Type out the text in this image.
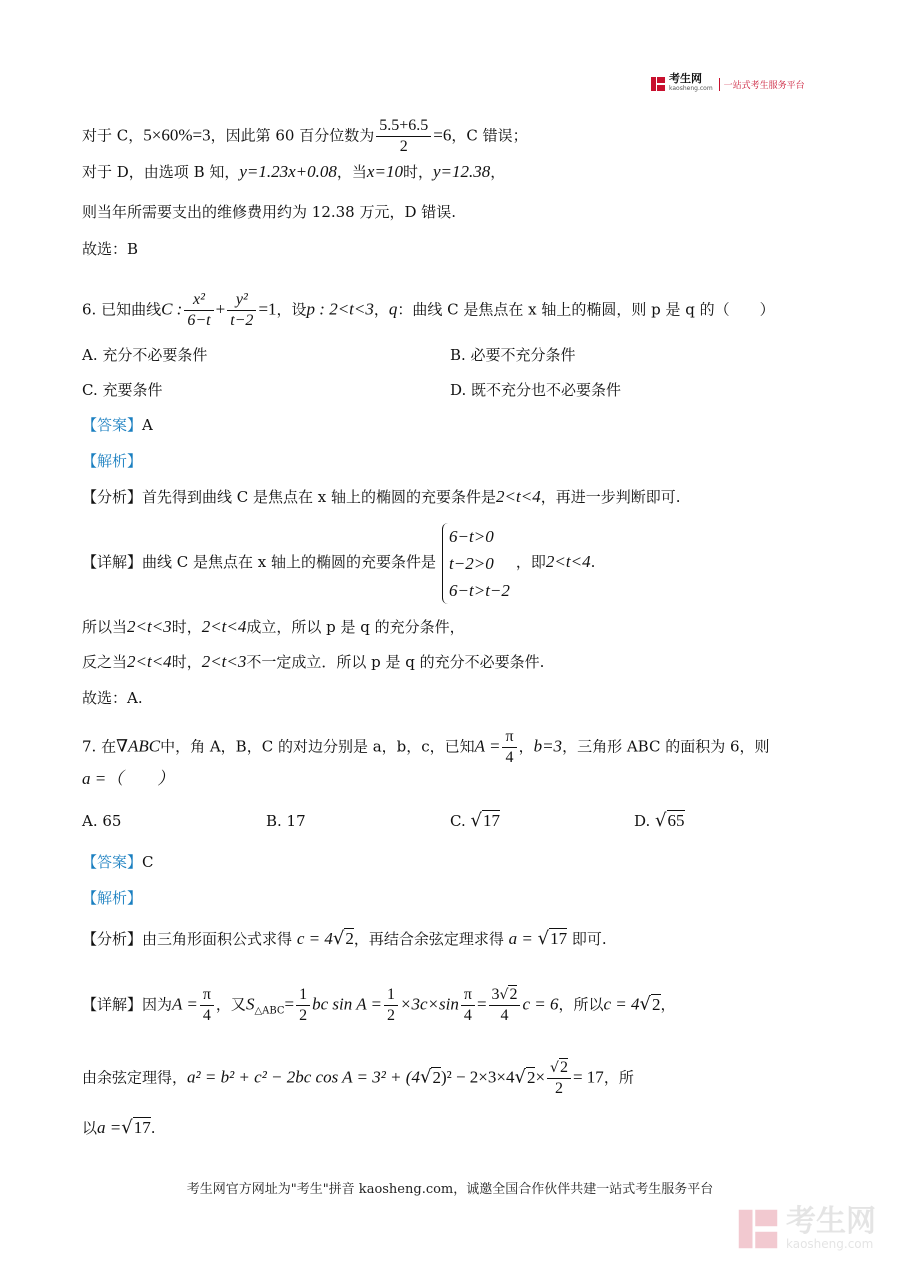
考生网
kaosheng.com	一站式考生服务平台
对于 C，5×60%=3，因此第 60 百分位数为 $\frac{5.5+6.5}{2} =6$，C 错误；
对于 D，由选项 B 知，y=1.23x+0.08，当x=10时，y=12.38，
则当年所需要支出的维修费用约为 12.38 万元，D 错误.
故选：B
6. 已知曲线C : $\frac{\text{x²}}{6-t} + \frac{\text{y²}}{t-2} =1$，设p : 2<t<3，q：曲线 C 是焦点在 x 轴上的椭圆，则 p 是 q 的（　　）
A. 充分不必要条件	B. 必要不充分条件
C. 充要条件	D. 既不充分也不必要条件
【答案】A
【解析】
【分析】首先得到曲线 C 是焦点在 x 轴上的椭圆的充要条件是2<t<4，再进一步判断即可.
【详解】曲线 C 是焦点在 x 轴上的椭圆的充要条件是
6−t>0
t−2>0
6−t>t−2
，即2<t<4.
所以当2<t<3时，2<t<4成立，所以 p 是 q 的充分条件，
反之当2<t<4时，2<t<3不一定成立．所以 p 是 q 的充分不必要条件.
故选：A.
7. 在∇ABC中，角 A，B，C 的对边分别是 a，b，c，已知$A = \frac{\pi}{4}$ ，b=3，三角形 ABC 的面积为 6，则
a =（　　）
A. 65	B. 17	C. √17	D. √65
【答案】C
【解析】
【分析】由三角形面积公式求得 c = 4√2，再结合余弦定理求得 a = √17 即可.
【详解】因为$A = \frac{\pi}{4}$ ，又$S_{\triangle ABC}= \frac{1}{2}$ bc $\sin A = \frac{1}{2} \times 3c\times\sin \frac{\pi}{4} = \frac{3√2}{4}$ c = 6，所以c = 4√2，
由余弦定理得，a² = b² + c² − 2bc $\cos A = 3^2 + (4√2)^2 - 2\times 3\times 4√2\times \frac{√2}{2} = 17$，所
以a =√17.
考生网官方网址为"考生"拼音 kaosheng.com，诚邀全国合作伙伴共建一站式考生服务平台
考生网
kaosheng.com
